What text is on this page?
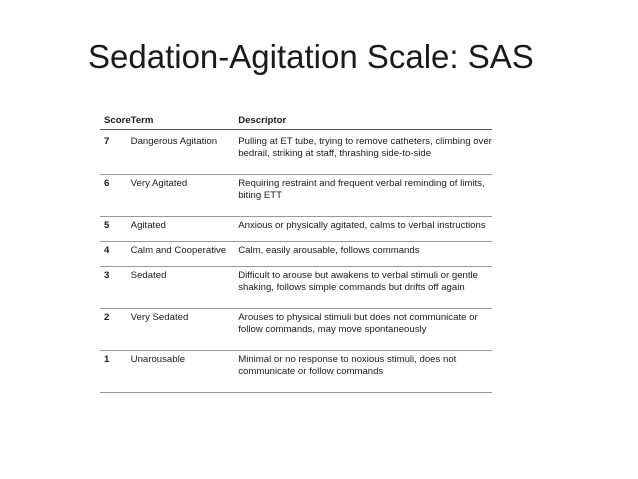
Sedation-Agitation Scale: SAS
Score	Term	Descriptor
7	Dangerous Agitation	Pulling at ET tube, trying to remove catheters, climbing over bedrail, striking at staff, thrashing side-to-side
6	Very Agitated	Requiring restraint and frequent verbal reminding of limits, biting ETT
5	Agitated	Anxious or physically agitated, calms to verbal instructions
4	Calm and Cooperative	Calm, easily arousable, follows commands
3	Sedated	Difficult to arouse but awakens to verbal stimuli or gentle shaking, follows simple commands but drifts off again
2	Very Sedated	Arouses to physical stimuli but does not communicate or follow commands, may move spontaneously
1	Unarousable	Minimal or no response to noxious stimuli, does not communicate or follow commands
